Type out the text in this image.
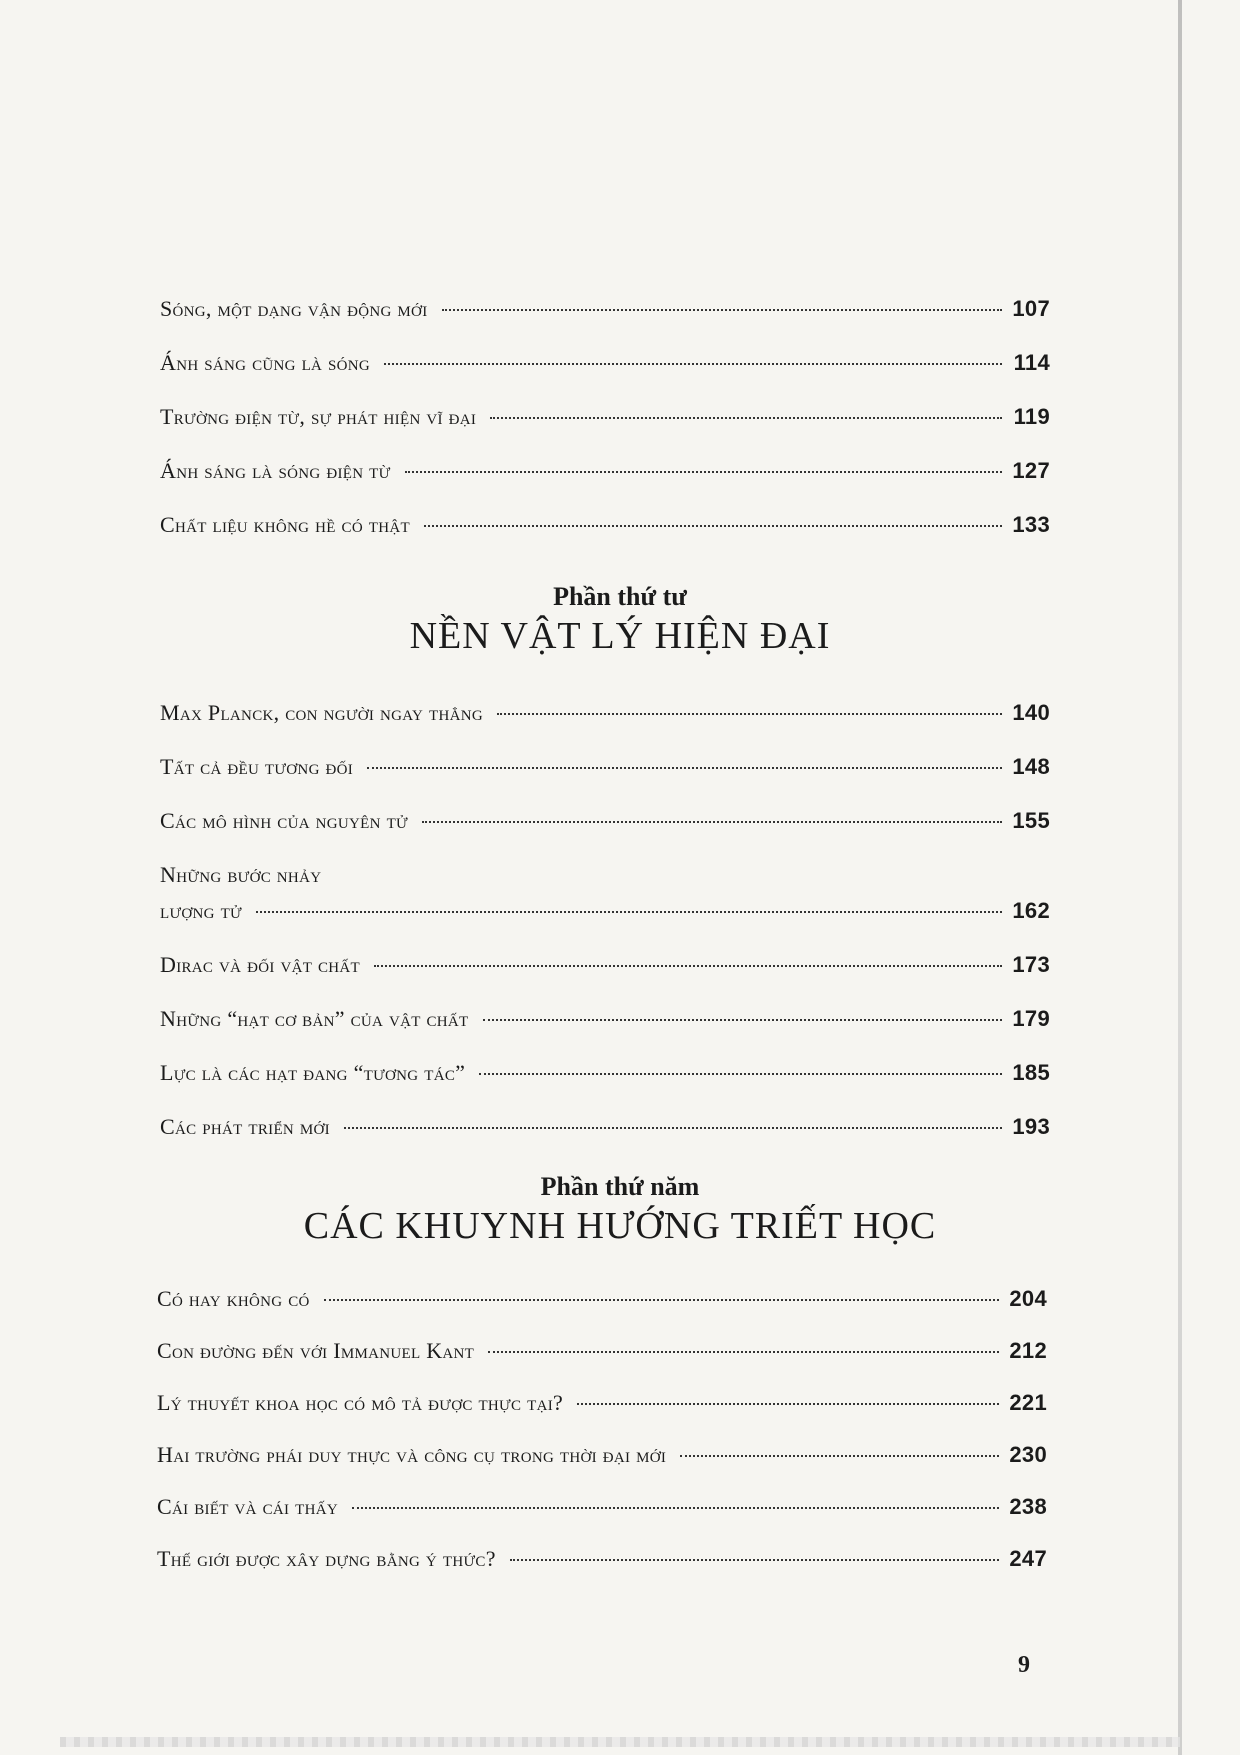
Sóng, một dạng vận động mới	107
Ánh sáng cũng là sóng	114
Trường điện từ, sự phát hiện vĩ đại	119
Ánh sáng là sóng điện từ	127
Chất liệu không hề có thật	133
Phần thứ tư
NỀN VẬT LÝ HIỆN ĐẠI
Max Planck, con người ngay thẳng	140
Tất cả đều tương đối	148
Các mô hình của nguyên tử	155
Những bước nhảy
lượng tử	162
Dirac và đối vật chất	173
Những “hạt cơ bản” của vật chất	179
Lực là các hạt đang “tương tác”	185
Các phát triển mới	193
Phần thứ năm
CÁC KHUYNH HƯỚNG TRIẾT HỌC
Có hay không có	204
Con đường đến với Immanuel Kant	212
Lý thuyết khoa học có mô tả được thực tại?	221
Hai trường phái duy thực và công cụ trong thời đại mới	230
Cái biết và cái thấy	238
Thế giới được xây dựng bằng ý thức?	247
9
